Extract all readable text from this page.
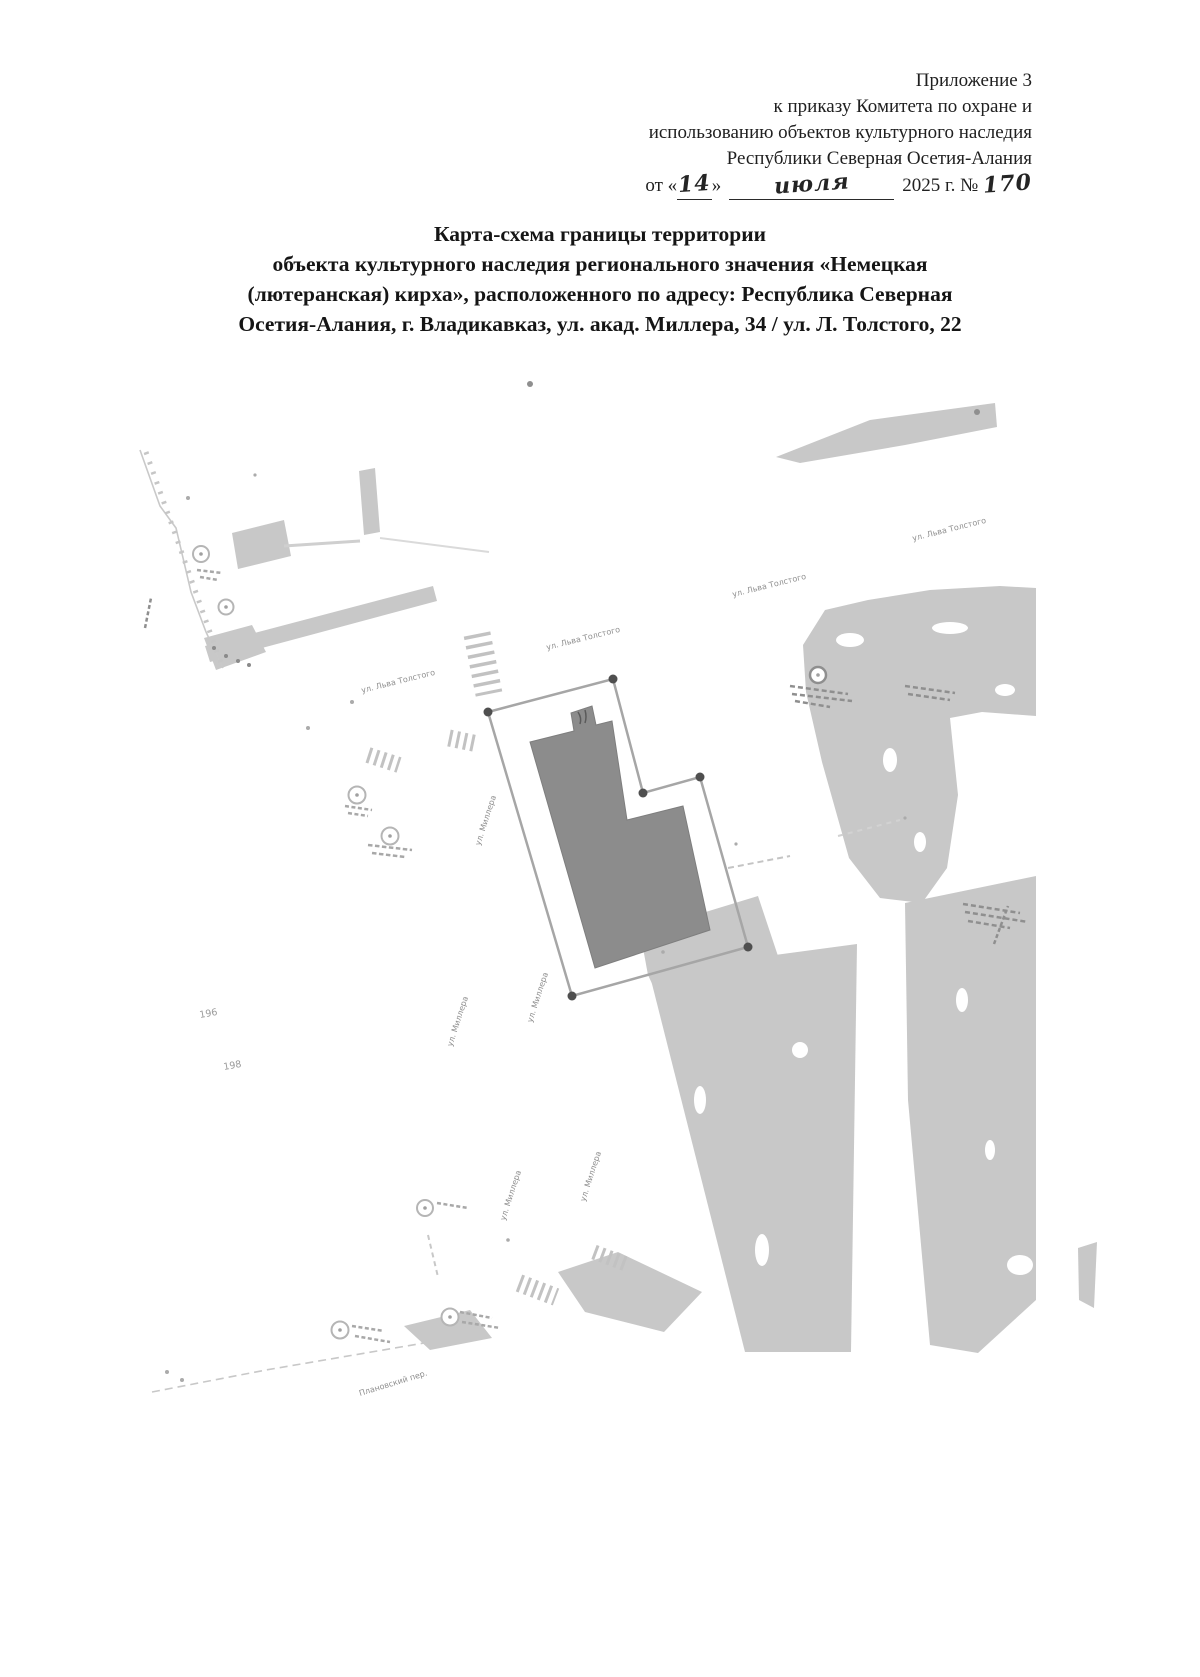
Приложение 3
к приказу Комитета по охране и
использованию объектов культурного наследия
Республики Северная Осетия-Алания
от «14» июля	2025 г. № 170
Карта-схема границы территории
объекта культурного наследия регионального значения «Немецкая
(лютеранская) кирха», расположенного по адресу: Республика Северная
Осетия-Алания, г. Владикавказ, ул. акад. Миллера, 34 / ул. Л. Толстого, 22
ул. Льва Толстого
ул. Льва Толстого
ул. Льва Толстого
ул. Льва Толстого
ул. Миллера
ул. Миллера
ул. Миллера
ул. Миллера	ул. Миллера
Плановский пер.
196
198
